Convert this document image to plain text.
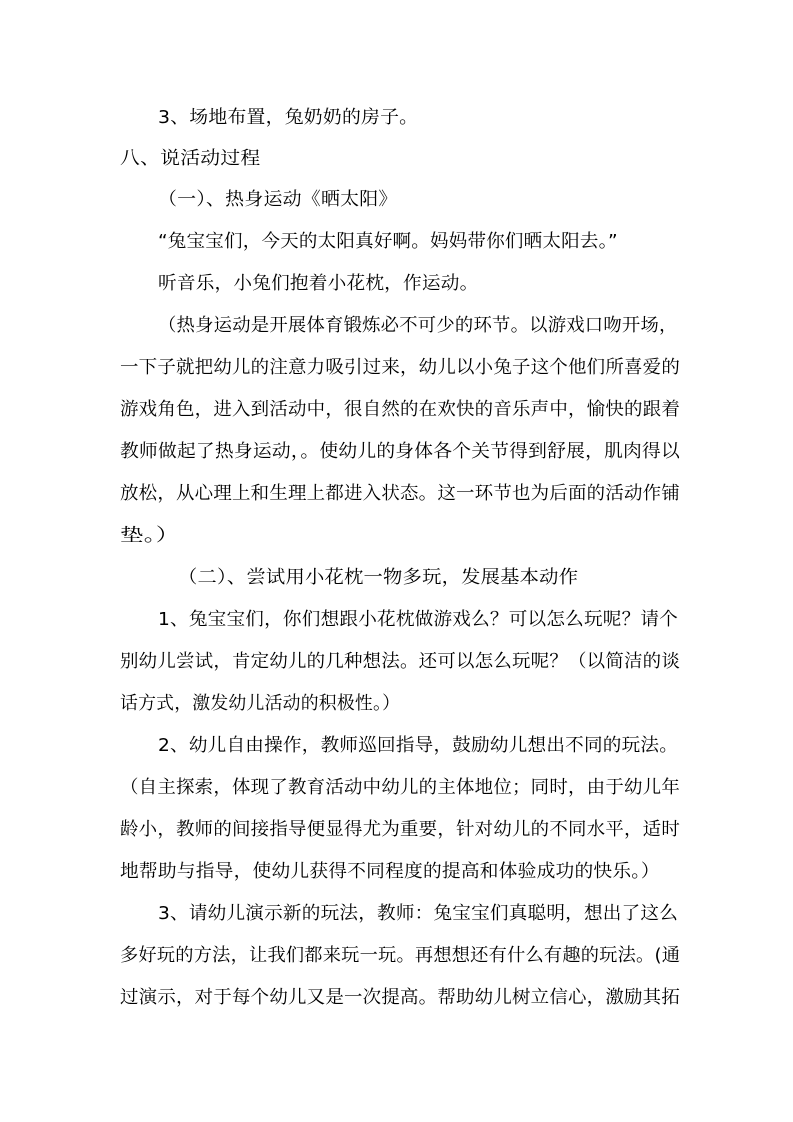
3、场地布置，兔奶奶的房子。
八、说活动过程
（一）、热身运动《晒太阳》
“兔宝宝们，今天的太阳真好啊。妈妈带你们晒太阳去。”
听音乐，小兔们抱着小花枕，作运动。
（热身运动是开展体育锻炼必不可少的环节。以游戏口吻开场，
一下子就把幼儿的注意力吸引过来，幼儿以小兔子这个他们所喜爱的
游戏角色，进入到活动中，很自然的在欢快的音乐声中，愉快的跟着
教师做起了热身运动，。使幼儿的身体各个关节得到舒展，肌肉得以
放松，从心理上和生理上都进入状态。这一环节也为后面的活动作铺
垫。）
（二）、尝试用小花枕一物多玩，发展基本动作
1、兔宝宝们，你们想跟小花枕做游戏么？可以怎么玩呢？请个
别幼儿尝试，肯定幼儿的几种想法。还可以怎么玩呢？（以简洁的谈
话方式，激发幼儿活动的积极性。）
2、幼儿自由操作，教师巡回指导，鼓励幼儿想出不同的玩法。
（自主探索，体现了教育活动中幼儿的主体地位；同时，由于幼儿年
龄小，教师的间接指导便显得尤为重要，针对幼儿的不同水平，适时
地帮助与指导，使幼儿获得不同程度的提高和体验成功的快乐。）
3、请幼儿演示新的玩法，教师：兔宝宝们真聪明，想出了这么
多好玩的方法，让我们都来玩一玩。再想想还有什么有趣的玩法。(通
过演示，对于每个幼儿又是一次提高。帮助幼儿树立信心，激励其拓
